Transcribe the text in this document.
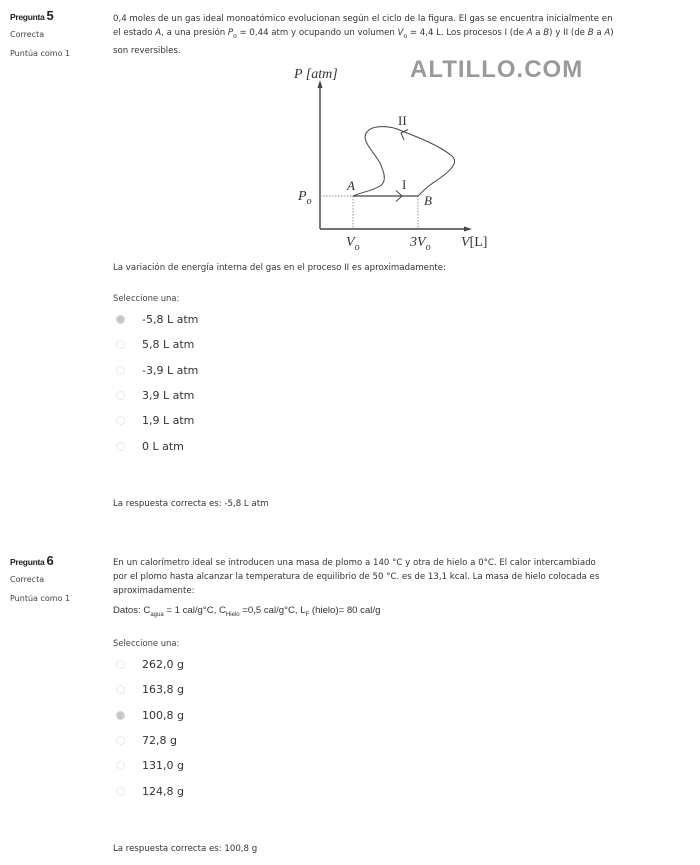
Pregunta 5
Correcta
Puntúa como 1
0,4 moles de un gas ideal monoatómico evolucionan según el ciclo de la figura. El gas se encuentra inicialmente en
el estado A, a una presión $P_o = 0,44$ atm y ocupando un volumen $V_o = 4,4$ L. Los procesos I (de A a B) y II (de B a A)
son reversibles.
ALTILLO.COM
P [atm]
$P_o$
A
B
I
II
$V_o$	$3V_o$ V[L]
La variación de energía interna del gas en el proceso II es aproximadamente:
Seleccione una:
-5,8 L atm
5,8 L atm
-3,9 L atm
3,9 L atm
1,9 L atm
0 L atm
La respuesta correcta es: -5,8 L atm
Pregunta 6
Correcta
Puntúa como 1
En un calorímetro ideal se introducen una masa de plomo a 140 °C y otra de hielo a 0°C. El calor intercambiado
por el plomo hasta alcanzar la temperatura de equilibrio de 50 °C. es de 13,1 kcal. La masa de hielo colocada es
aproximadamente:
Datos: $C_{agua} = 1$ cal/g°C, $C_{Hielo} =0,5$ cal/g°C, $L_F$ (hielo)= 80 cal/g
Seleccione una:
262,0 g
163,8 g
100,8 g
72,8 g
131,0 g
124,8 g
La respuesta correcta es: 100,8 g
